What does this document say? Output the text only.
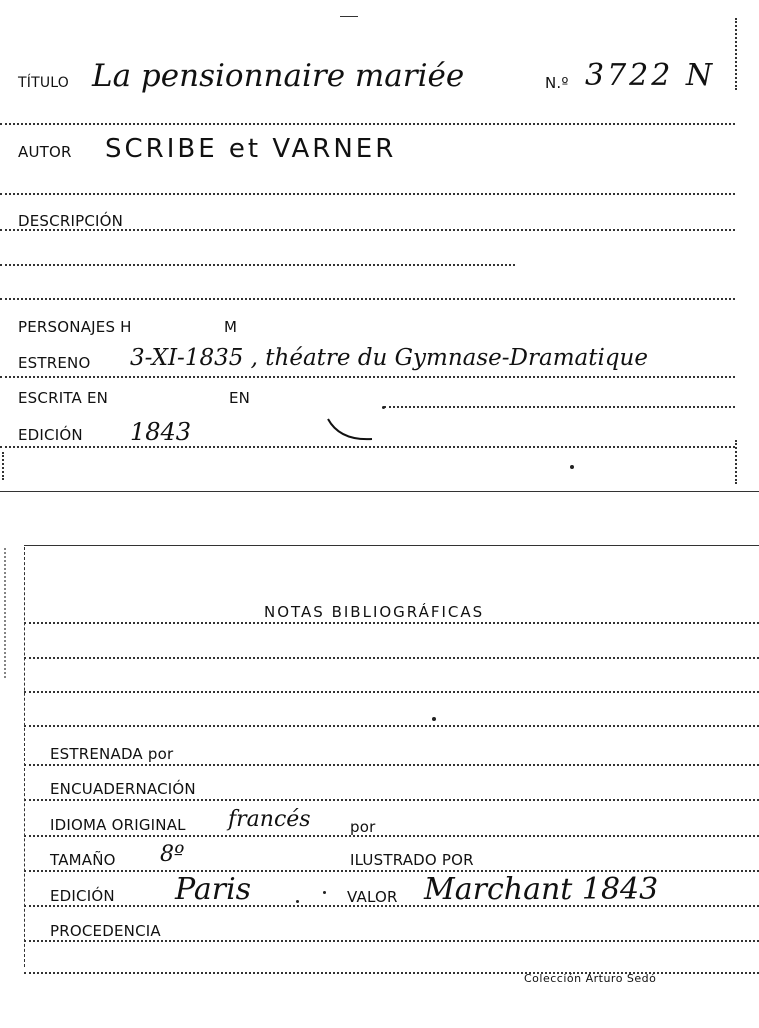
TÍTULO La pensionnaire mariée	N.º 3722 N
AUTOR SCRIBE et VARNER
DESCRIPCIÓN
PERSONAJES H	M
ESTRENO 3-XI-1835 , théatre du Gymnase-Dramatique
ESCRITA EN	EN
EDICIÓN 1843
NOTAS BIBLIOGRÁFICAS
ESTRENADA por
ENCUADERNACIÓN
IDIOMA ORIGINAL francés	por
TAMAÑO 8º	ILUSTRADO POR
EDICIÓN Paris	VALOR Marchant 1843
PROCEDENCIA
Colección Arturo Sedó
